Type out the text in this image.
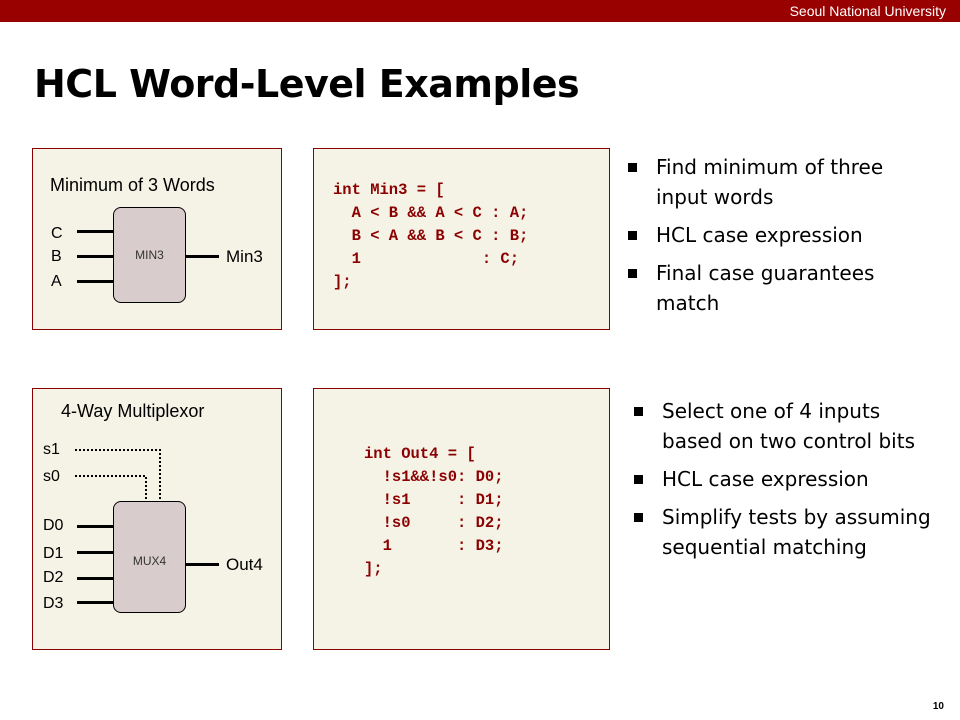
Seoul National University
HCL Word-Level Examples
Minimum of 3 Words
C
B
A
MIN3	Min3
int Min3 = [
A < B && A < C : A;
B < A && B < C : B;
1             : C;
];
Find minimum of three input words
HCL case expression
Final case guarantees match
4-Way Multiplexor
s1
s0
D0
D1
D2
D3
MUX4	Out4
int Out4 = [
!s1&&!s0: D0;
!s1     : D1;
!s0     : D2;
1       : D3;
];
Select one of 4 inputs based on two control bits
HCL case expression
Simplify tests by assuming sequential matching
10
